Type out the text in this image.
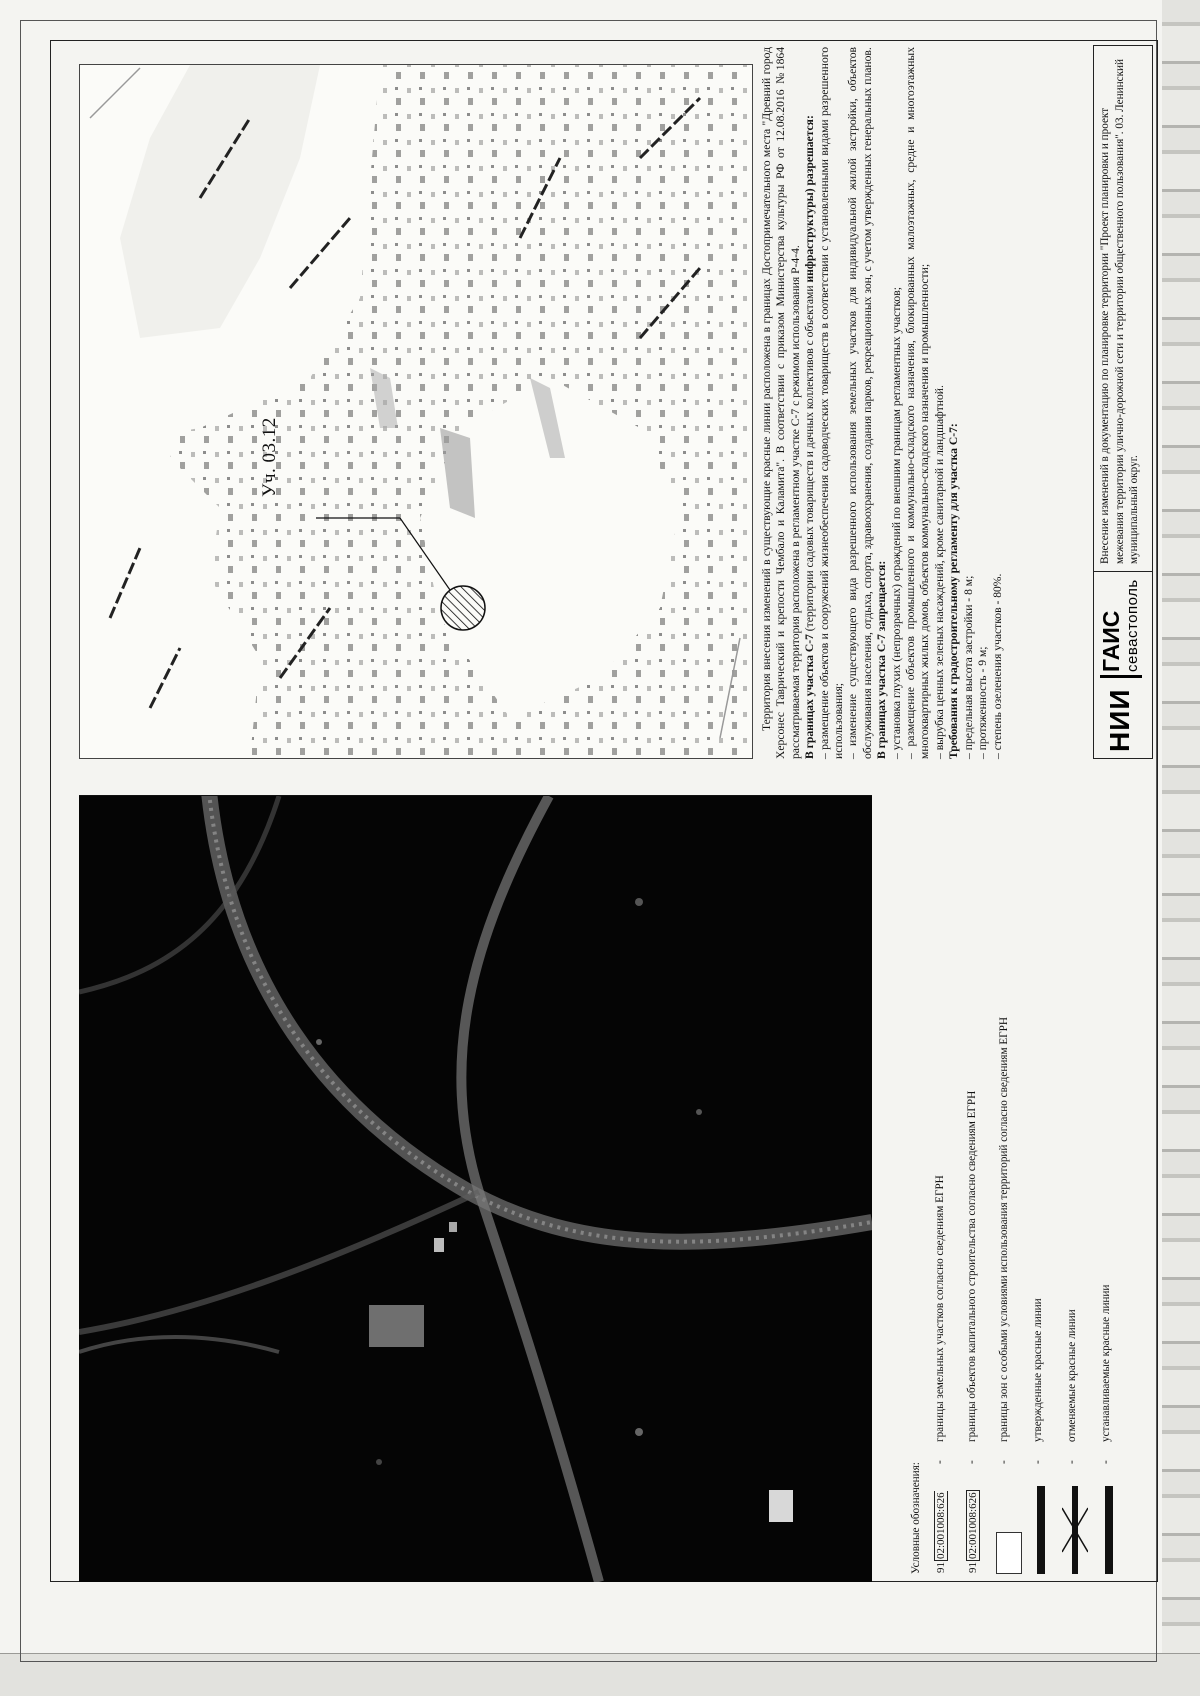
Уч. 03.12	Территория внесения изменений в существующие красные линии расположена в границах Достопримечательного места "Древний город Херсонес Таврический и крепости Чембало и Каламита". В соответствии с приказом Министерства культуры РФ от 12.08.2016 №1864 рассматриваемая территория расположена в регламентном участке С-7 с режимом использования Р-4-4. В границах участка С-7 (территории садовых товариществ и дачных коллективов с объектами инфраструктуры) разрешается: – размещение объектов и сооружений жизнеобеспечения садоводческих товариществ в соответствии с установленными видами разрешенного использования; – изменение существующего вида разрешенного использования земельных участков для индивидуальной жилой застройки, объектов обслуживания населения, отдыха, спорта, здравоохранения, создания парков, рекреационных зон, с учетом утвержденных генеральных планов. В границах участка С-7 запрещается: – установка глухих (непрозрачных) ограждений по внешним границам регламентных участков; – размещение объектов промышленного и коммунально-складского назначения, блокированных малоэтажных, средне и многоэтажных многоквартирных жилых домов, объектов коммунально-складского назначения и промышленности; – вырубка ценных зеленых насаждений, кроме санитарной и ландшафтной. Требования к градостроительному регламенту для участка С-7: – предельная высота застройки - 8 м; – протяженность - 9 м; – степень озеленения участков - 80%.

Условные обозначения: 9102:001008:626
-
границы земельных участков согласно сведениям ЕГРН
9102:001008:626
-
границы объектов капитального строительства согласно сведениям ЕГРН
-
границы зон с особыми условиями использования территорий согласно сведениям ЕГРН
-
утвержденные красные линии
-
отменяемые красные линии
-
устанавливаемые красные линии
НИИ
ГАИС севастополь
Внесение изменений в документацию по планировке территории "Проект планировки и проект межевания территории улично-дорожной сети и территории общественного пользования". 03. Ленинский муниципальный округ.
